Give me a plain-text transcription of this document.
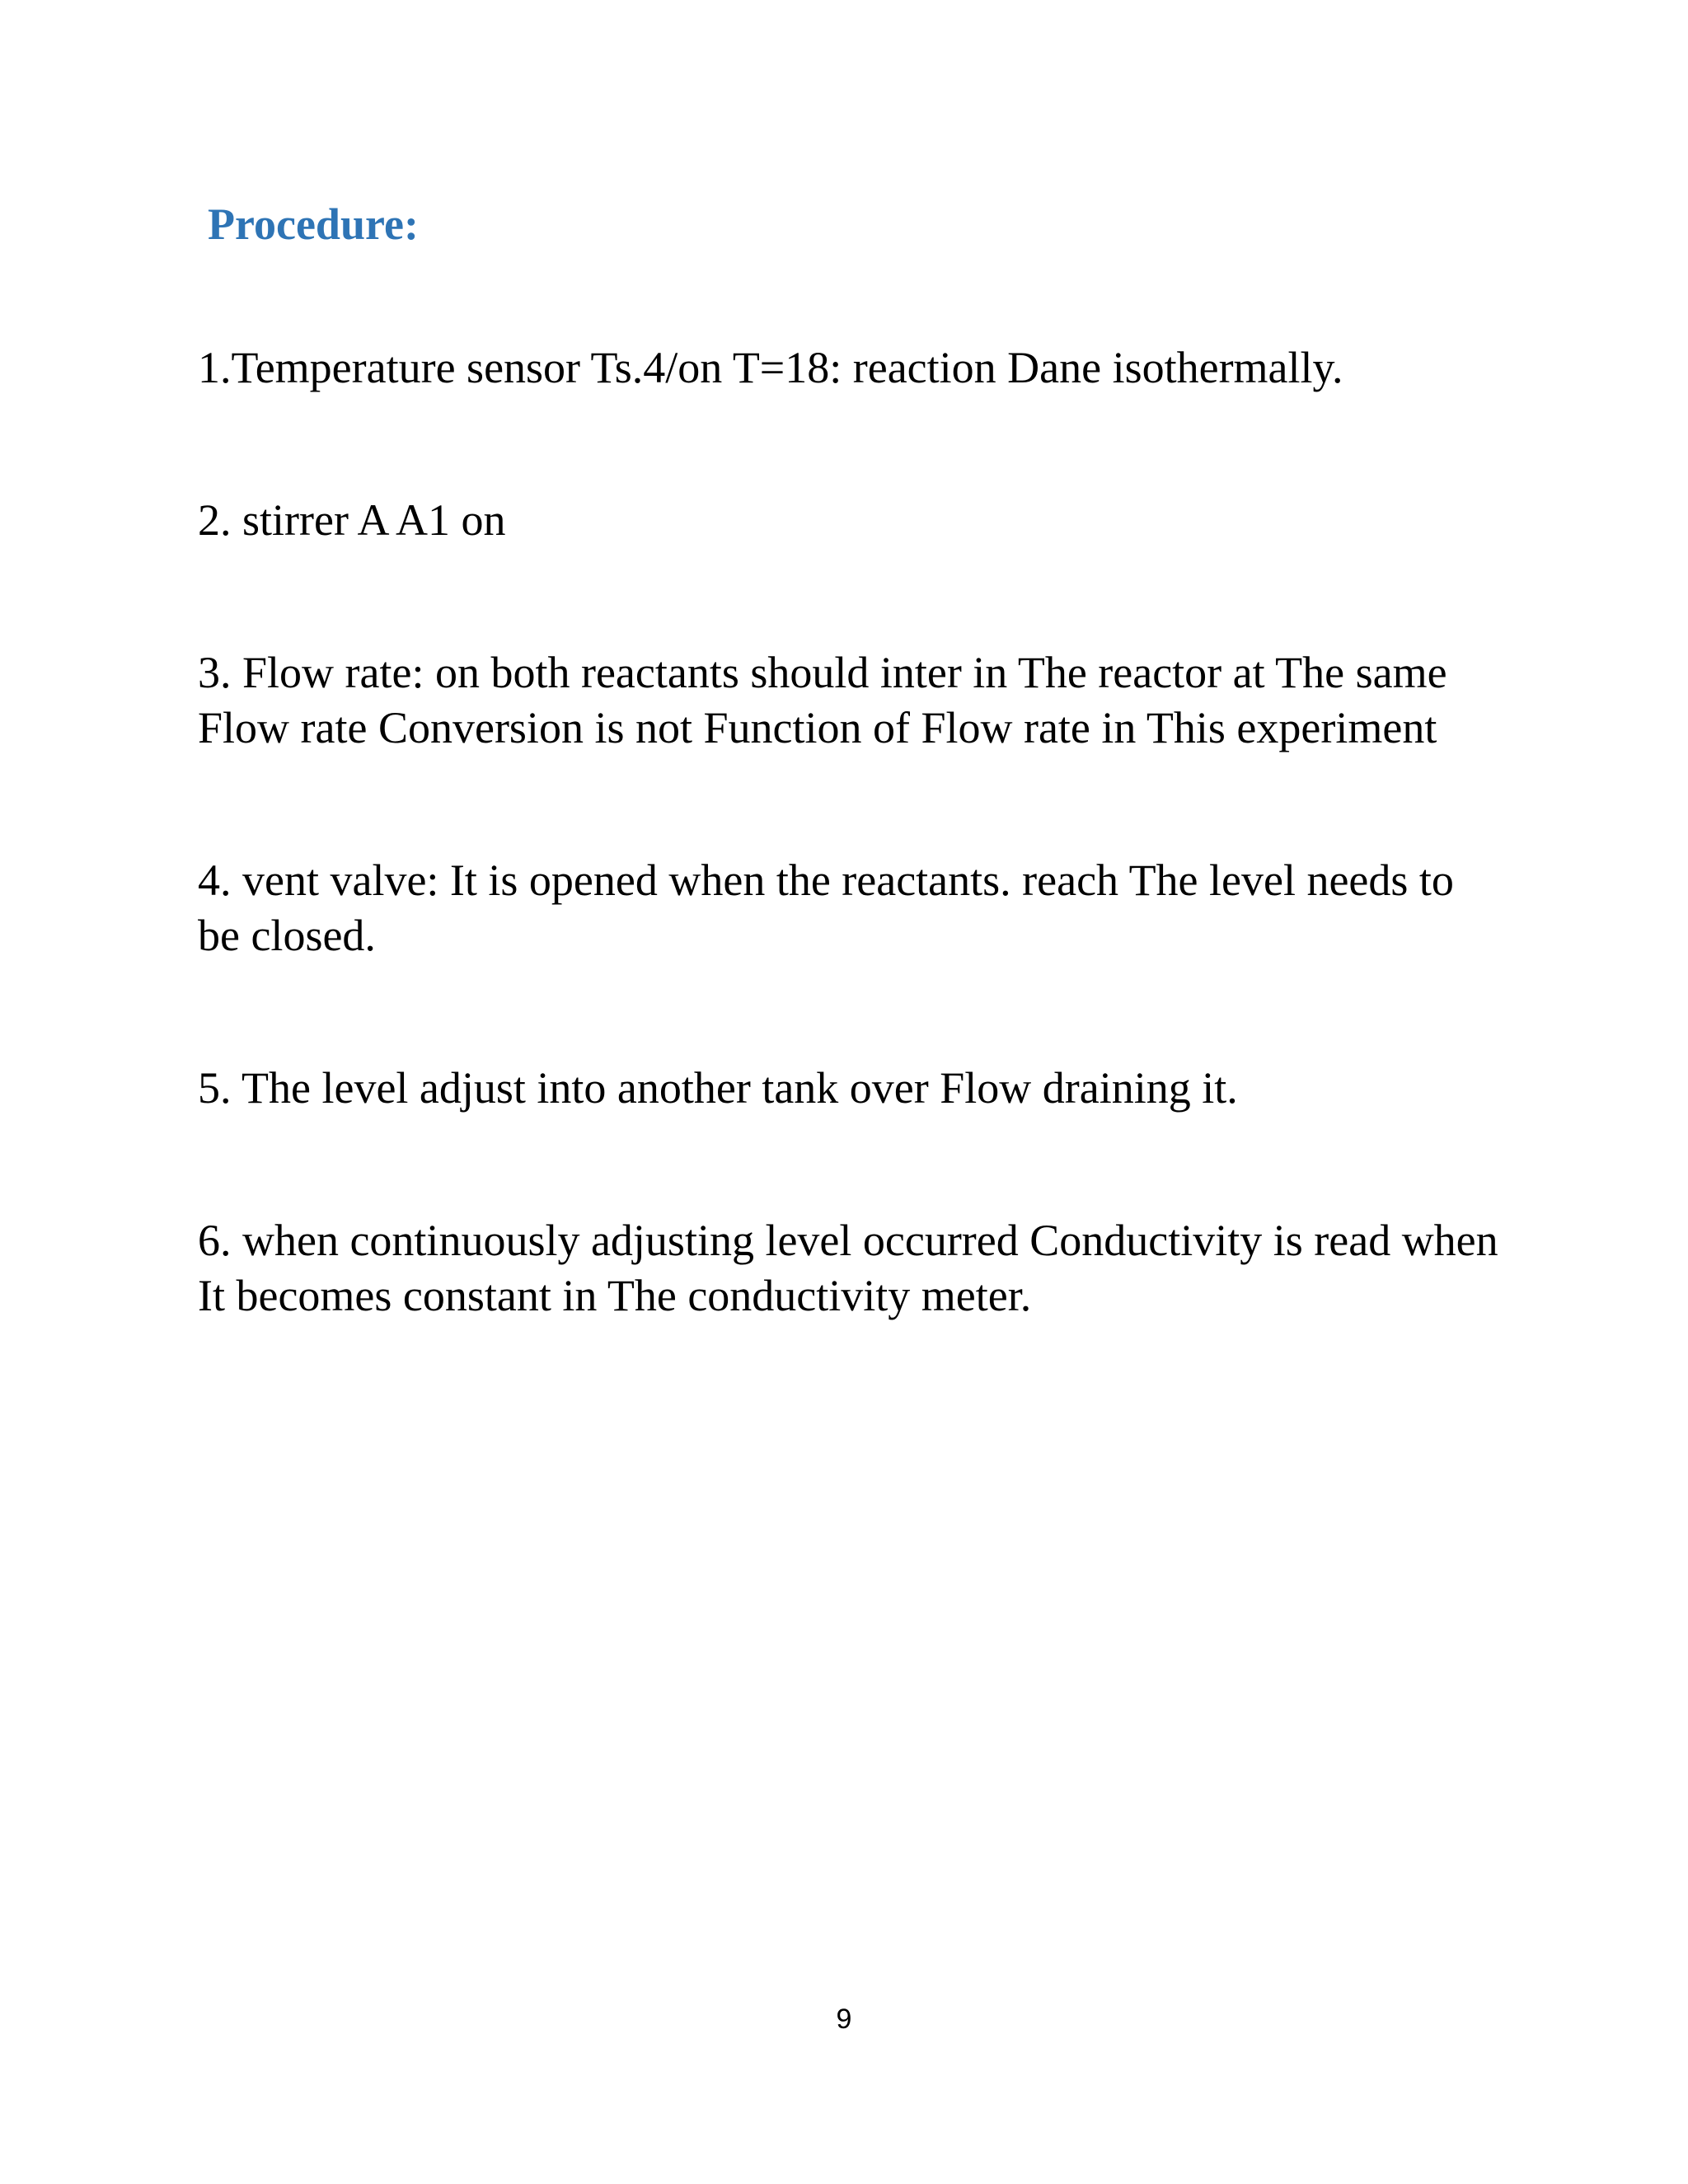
Procedure:
1.Temperature sensor Ts.4/on T=18: reaction Dane isothermally.
2. stirrer A A1 on
3. Flow rate: on both reactants should inter in The reactor at The same
Flow rate Conversion is not Function of Flow rate in This experiment
4. vent valve: It is opened when the reactants. reach The level needs to
be closed.
5. The level adjust into another tank over Flow draining it.
6. when continuously adjusting level occurred Conductivity is read when
It becomes constant in The conductivity meter.
9
